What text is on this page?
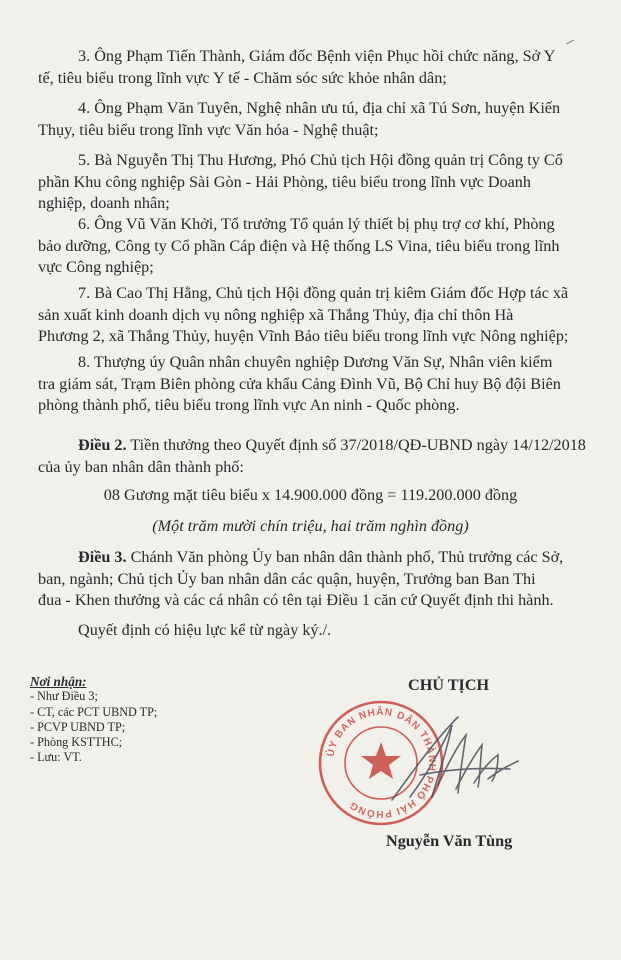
3. Ông Phạm Tiến Thành, Giám đốc Bệnh viện Phục hồi chức năng, Sở Y
tế, tiêu biểu trong lĩnh vực Y tế - Chăm sóc sức khỏe nhân dân;
4. Ông Phạm Văn Tuyên, Nghệ nhân ưu tú, địa chỉ xã Tú Sơn, huyện Kiến
Thụy, tiêu biểu trong lĩnh vực Văn hóa - Nghệ thuật;
5. Bà Nguyễn Thị Thu Hương, Phó Chủ tịch Hội đồng quản trị Công ty Cổ
phần Khu công nghiệp Sài Gòn - Hải Phòng, tiêu biểu trong lĩnh vực Doanh
nghiệp, doanh nhân;
6. Ông Vũ Văn Khởi, Tổ trưởng Tổ quản lý thiết bị phụ trợ cơ khí, Phòng
bảo dưỡng, Công ty Cổ phần Cáp điện và Hệ thống LS Vina, tiêu biểu trong lĩnh
vực Công nghiệp;
7. Bà Cao Thị Hằng, Chủ tịch Hội đồng quản trị kiêm Giám đốc Hợp tác xã
sản xuất kinh doanh dịch vụ nông nghiệp xã Thắng Thủy, địa chỉ thôn Hà
Phương 2, xã Thắng Thủy, huyện Vĩnh Bảo tiêu biểu trong lĩnh vực Nông nghiệp;
8. Thượng úy Quân nhân chuyên nghiệp Dương Văn Sự, Nhân viên kiểm
tra giám sát, Trạm Biên phòng cửa khẩu Cảng Đình Vũ, Bộ Chỉ huy Bộ đội Biên
phòng thành phố, tiêu biểu trong lĩnh vực An ninh - Quốc phòng.
Điều 2. Tiền thưởng theo Quyết định số 37/2018/QĐ-UBND ngày 14/12/2018
của ủy ban nhân dân thành phố:

08 Gương mặt tiêu biểu x 14.900.000 đồng = 119.200.000 đồng

(Một trăm mười chín triệu, hai trăm nghìn đồng)

Điều 3. Chánh Văn phòng Ủy ban nhân dân thành phố, Thủ trưởng các Sở,
ban, ngành; Chủ tịch Ủy ban nhân dân các quận, huyện, Trưởng ban Ban Thi
đua - Khen thưởng và các cá nhân có tên tại Điều 1 căn cứ Quyết định thi hành.
Quyết định có hiệu lực kể từ ngày ký./.
Nơi nhận:
- Như Điều 3;
- CT, các PCT UBND TP;
- PCVP UBND TP;
- Phòng KSTTHC;
- Lưu: VT.
CHỦ TỊCH
ỦY BAN NHÂN DÂN THÀNH PHỐ HẢI PHÒNG
Nguyễn Văn Tùng
